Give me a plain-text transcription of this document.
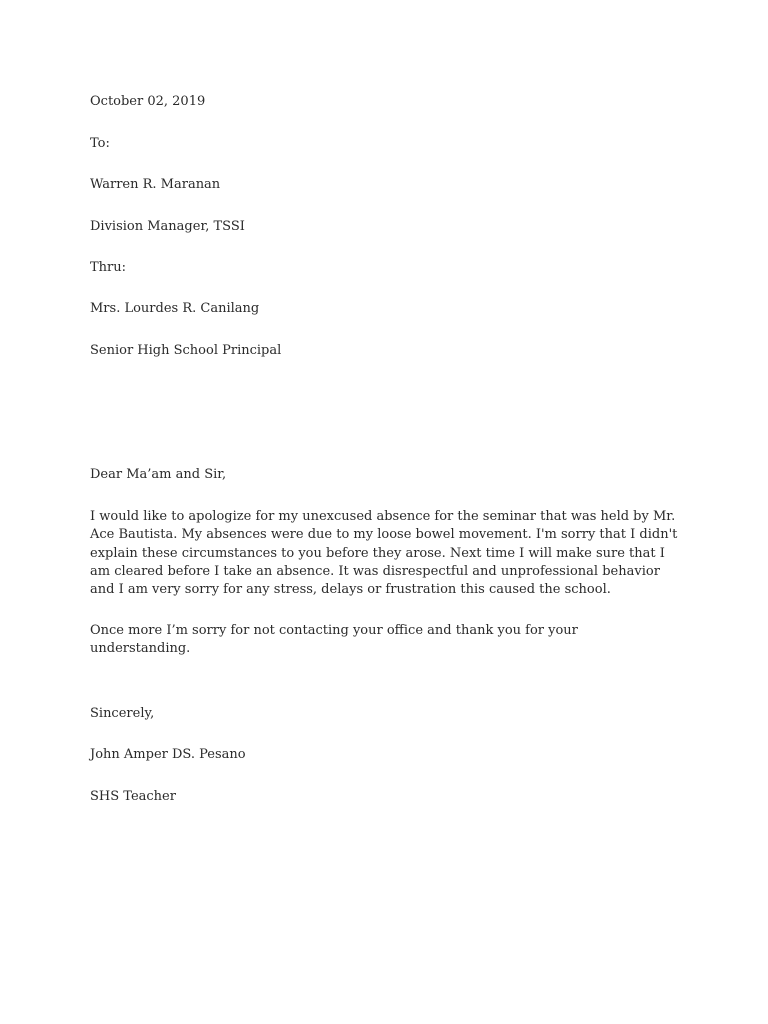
October 02, 2019

To:

Warren R. Maranan

Division Manager, TSSI

Thru:

Mrs. Lourdes R. Canilang

Senior High School Principal

Dear Ma’am and Sir,

I would like to apologize for my unexcused absence for the seminar that was held by Mr. Ace Bautista. My absences were due to my loose bowel movement. I'm sorry that I didn't explain these circumstances to you before they arose. Next time I will make sure that I am cleared before I take an absence. It was disrespectful and unprofessional behavior and I am very sorry for any stress, delays or frustration this caused the school.

Once more I’m sorry for not contacting your office and thank you for your understanding.

Sincerely,

John Amper DS. Pesano

SHS Teacher
